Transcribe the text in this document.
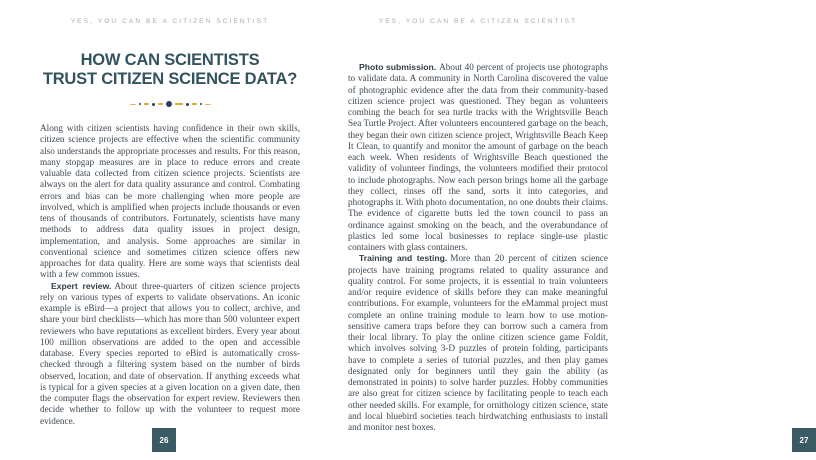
YES, YOU CAN BE A CITIZEN SCIENTIST
HOW CAN SCIENTISTS
TRUST CITIZEN SCIENCE DATA?

Along with citizen scientists having confidence in their own skills, citizen science projects are effective when the scientific community also understands the appropriate processes and results. For this reason, many stopgap measures are in place to reduce errors and create valuable data collected from citizen science projects. Scientists are always on the alert for data quality assurance and control. Combating errors and bias can be more challenging when more people are involved, which is amplified when projects include thousands or even tens of thousands of contributors. Fortunately, scientists have many methods to address data quality issues in project design, implementation, and analysis. Some approaches are similar in conventional science and sometimes citizen science offers new approaches for data quality. Here are some ways that scientists deal with a few common issues.

Expert review. About three-quarters of citizen science projects rely on various types of experts to validate observations. An iconic example is eBird—a project that allows you to collect, archive, and share your bird checklists—which has more than 500 volunteer expert reviewers who have reputations as excellent birders. Every year about 100 million observations are added to the open and accessible database. Every species reported to eBird is automatically cross-checked through a filtering system based on the number of birds observed, location, and date of observation. If anything exceeds what is typical for a given species at a given location on a given date, then the computer flags the observation for expert review. Reviewers then decide whether to follow up with the volunteer to request more evidence.

26
YES, YOU CAN BE A CITIZEN SCIENTIST

Photo submission. About 40 percent of projects use photographs to validate data. A community in North Carolina discovered the value of photographic evidence after the data from their community-based citizen science project was questioned. They began as volunteers combing the beach for sea turtle tracks with the Wrightsville Beach Sea Turtle Project. After volunteers encountered garbage on the beach, they began their own citizen science project, Wrightsville Beach Keep It Clean, to quantify and monitor the amount of garbage on the beach each week. When residents of Wrightsville Beach questioned the validity of volunteer findings, the volunteers modified their protocol to include photographs. Now each person brings home all the garbage they collect, rinses off the sand, sorts it into categories, and photographs it. With photo documentation, no one doubts their claims. The evidence of cigarette butts led the town council to pass an ordinance against smoking on the beach, and the overabundance of plastics led some local businesses to replace single-use plastic containers with glass containers.

Training and testing. More than 20 percent of citizen science projects have training programs related to quality assurance and quality control. For some projects, it is essential to train volunteers and/or require evidence of skills before they can make meaningful contributions. For example, volunteers for the eMammal project must complete an online training module to learn how to use motion-sensitive camera traps before they can borrow such a camera from their local library. To play the online citizen science game Foldit, which involves solving 3-D puzzles of protein folding, participants have to complete a series of tutorial puzzles, and then play games designated only for beginners until they gain the ability (as demonstrated in points) to solve harder puzzles. Hobby communities are also great for citizen science by facilitating people to teach each other needed skills. For example, for ornithology citizen science, state and local bluebird societies teach birdwatching enthusiasts to install and monitor nest boxes.

27
